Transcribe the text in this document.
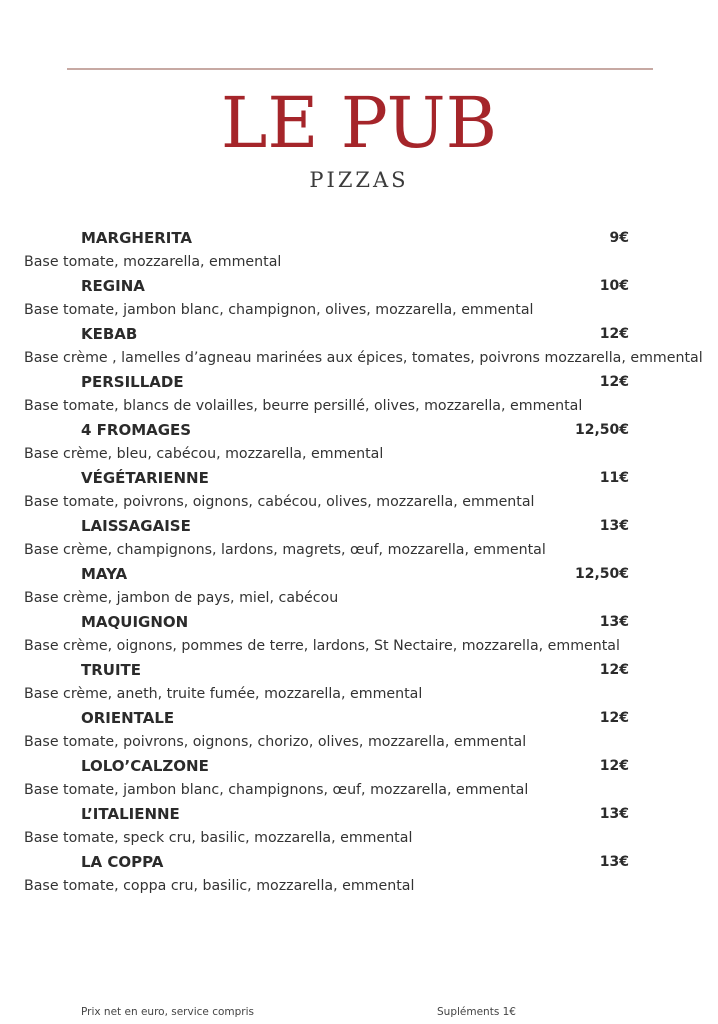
LE PUB
PIZZAS
MARGHERITA	9€
Base tomate, mozzarella, emmental
REGINA	10€
Base tomate, jambon blanc, champignon, olives, mozzarella, emmental
KEBAB	12€
Base crème , lamelles d’agneau marinées aux épices, tomates, poivrons mozzarella, emmental
PERSILLADE	12€
Base tomate, blancs de volailles, beurre persillé, olives, mozzarella, emmental
4 FROMAGES	12,50€
Base crème, bleu, cabécou, mozzarella, emmental
VÉGÉTARIENNE	11€
Base tomate, poivrons, oignons, cabécou, olives, mozzarella, emmental
LAISSAGAISE	13€
Base crème, champignons, lardons, magrets, œuf, mozzarella, emmental
MAYA	12,50€
Base crème, jambon de pays, miel, cabécou
MAQUIGNON	13€
Base crème, oignons, pommes de terre, lardons, St Nectaire, mozzarella, emmental
TRUITE	12€
Base crème, aneth, truite fumée, mozzarella, emmental
ORIENTALE	12€
Base tomate, poivrons, oignons, chorizo, olives, mozzarella, emmental
LOLO’CALZONE	12€
Base tomate, jambon blanc, champignons, œuf, mozzarella, emmental
L’ITALIENNE	13€
Base tomate, speck cru, basilic, mozzarella, emmental
LA COPPA	13€
Base tomate, coppa cru, basilic, mozzarella, emmental
Prix net en euro, service compris	Supléments 1€
